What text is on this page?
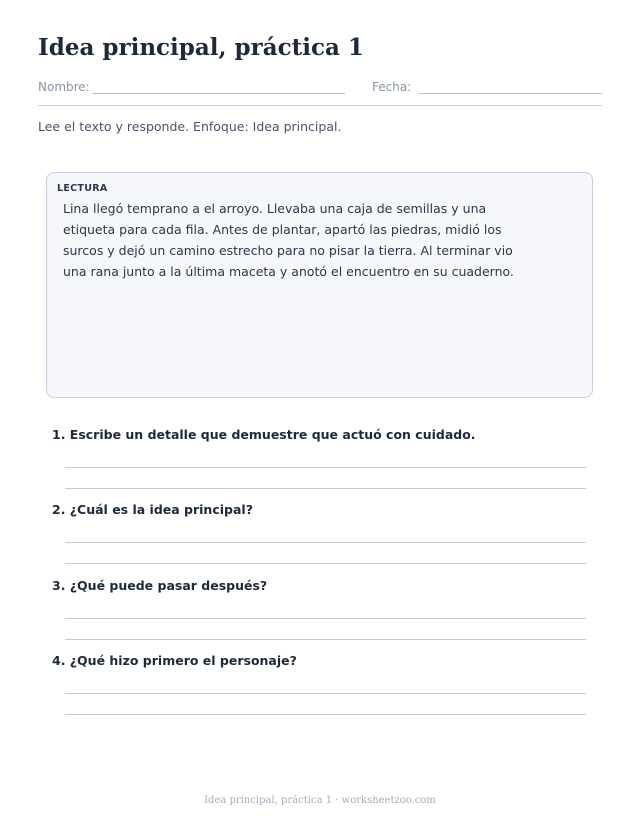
Idea principal, práctica 1
Nombre:	Fecha:
Lee el texto y responde. Enfoque: Idea principal.
LECTURA
Lina llegó temprano a el arroyo. Llevaba una caja de semillas y una
etiqueta para cada fila. Antes de plantar, apartó las piedras, midió los
surcos y dejó un camino estrecho para no pisar la tierra. Al terminar vio
una rana junto a la última maceta y anotó el encuentro en su cuaderno.
1. Escribe un detalle que demuestre que actuó con cuidado.
2. ¿Cuál es la idea principal?
3. ¿Qué puede pasar después?
4. ¿Qué hizo primero el personaje?
Idea principal, práctica 1 · worksheetzoo.com
